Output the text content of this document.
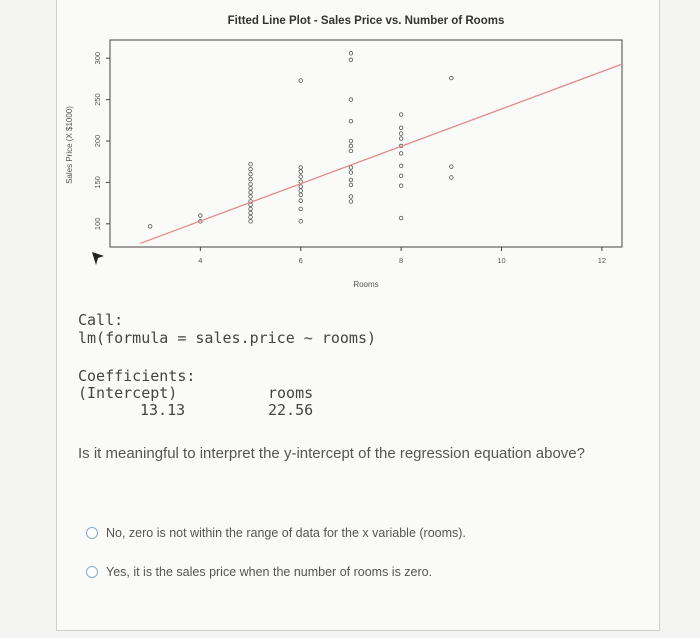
Fitted Line Plot - Sales Price vs. Number of Rooms
Sales Price (X $1000)
Rooms
4	6	8	10	12
100
150
200
250
300
Call:
lm(formula = sales.price ~ rooms)
Coefficients:
(Intercept)	rooms
13.13	22.56
Is it meaningful to interpret the y-intercept of the regression equation above?
No, zero is not within the range of data for the x variable (rooms).
Yes, it is the sales price when the number of rooms is zero.
